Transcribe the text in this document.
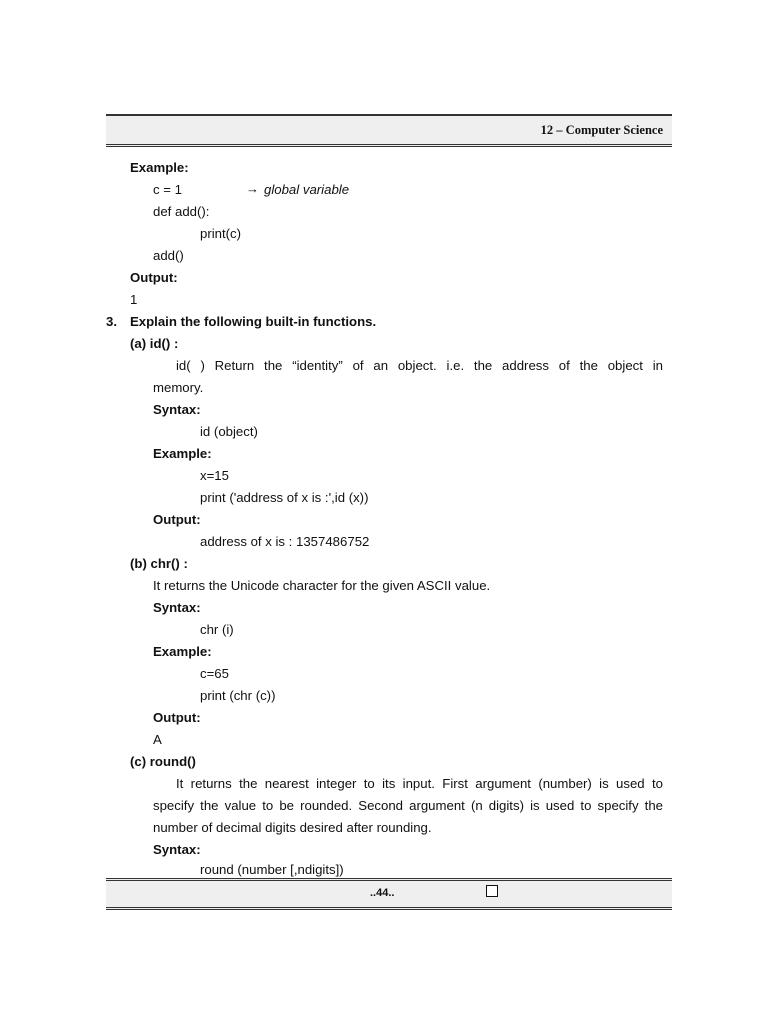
12 – Computer Science
Example:
c = 1	→ global variable
def add():
print(c)
add()
Output:
1
3. Explain the following built-in functions.
(a) id() :
id( ) Return the “identity” of an object. i.e. the address of the object in
memory.
Syntax:
id (object)
Example:
x=15
print ('address of x is :',id (x))
Output:
address of x is : 1357486752
(b) chr() :
It returns the Unicode character for the given ASCII value.
Syntax:
chr (i)
Example:
c=65
print (chr (c))
Output:
A
(c) round()
It returns the nearest integer to its input. First argument (number) is used to
specify the value to be rounded. Second argument (n digits) is used to specify the
number of decimal digits desired after rounding.
Syntax:
round (number [,ndigits])
..44..
